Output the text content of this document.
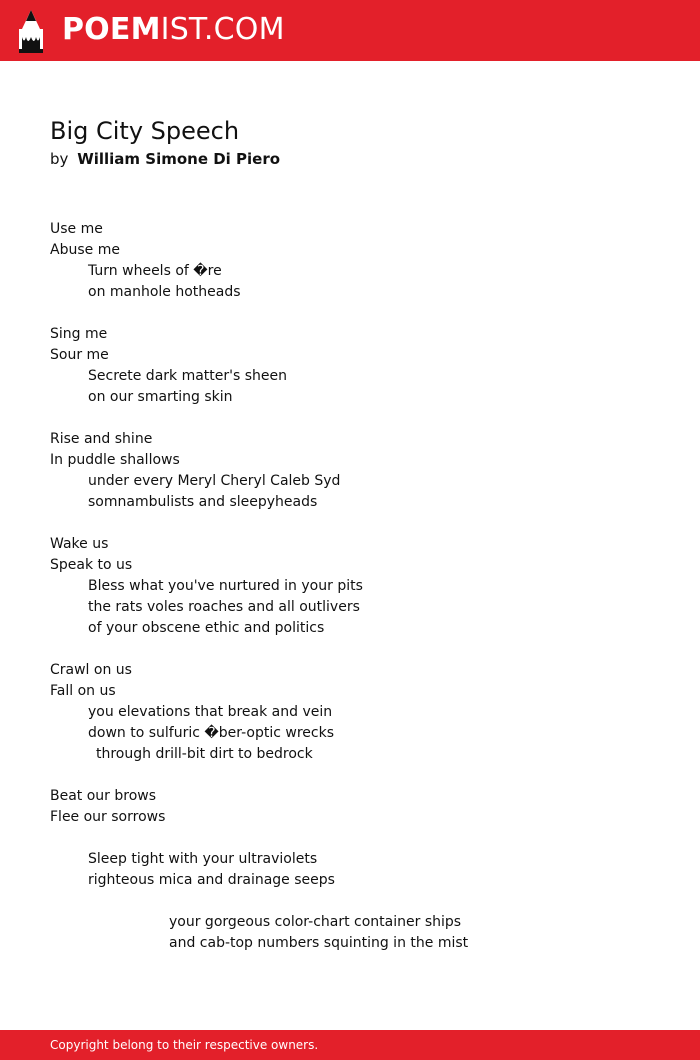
POEMIST.COM
Big City Speech
by William Simone Di Piero
Use me
Abuse me
Turn wheels of �re
on manhole hotheads
Sing me
Sour me
Secrete dark matter's sheen
on our smarting skin
Rise and shine
In puddle shallows
under every Meryl Cheryl Caleb Syd
somnambulists and sleepyheads
Wake us
Speak to us
Bless what you've nurtured in your pits
the rats voles roaches and all outlivers
of your obscene ethic and politics
Crawl on us
Fall on us
you elevations that break and vein
down to sulfuric �ber-optic wrecks
through drill-bit dirt to bedrock
Beat our brows
Flee our sorrows
Sleep tight with your ultraviolets
righteous mica and drainage seeps
your gorgeous color-chart container ships
and cab-top numbers squinting in the mist
Copyright belong to their respective owners.
